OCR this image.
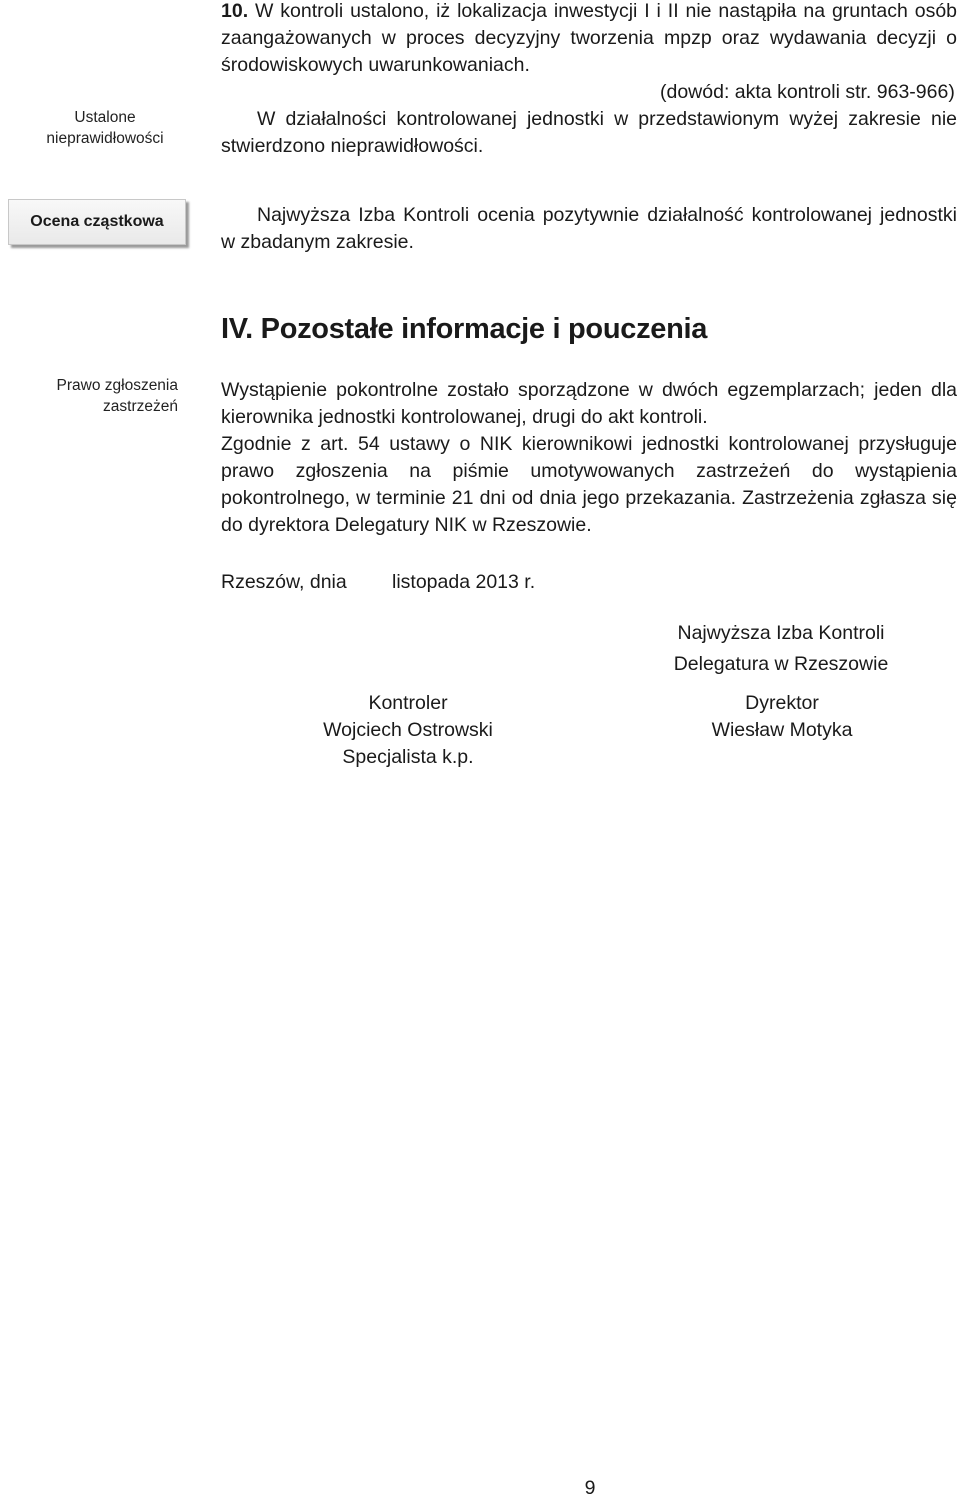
10. W kontroli ustalono, iż lokalizacja inwestycji I i II nie nastąpiła na gruntach osób zaangażowanych w proces decyzyjny tworzenia mpzp oraz wydawania decyzji o środowiskowych uwarunkowaniach.
(dowód: akta kontroli str. 963-966)
Ustalone
nieprawidłowości
W działalności kontrolowanej jednostki w przedstawionym wyżej zakresie nie stwierdzono nieprawidłowości.
Ocena cząstkowa	Najwyższa Izba Kontroli ocenia pozytywnie działalność kontrolowanej jednostki w zbadanym zakresie.
IV. Pozostałe informacje i pouczenia
Prawo zgłoszenia
zastrzeżeń
Wystąpienie pokontrolne zostało sporządzone w dwóch egzemplarzach; jeden dla kierownika jednostki kontrolowanej, drugi do akt kontroli.
Zgodnie z art. 54 ustawy o NIK kierownikowi jednostki kontrolowanej przysługuje prawo zgłoszenia na piśmie umotywowanych zastrzeżeń do wystąpienia pokontrolnego, w terminie 21 dni od dnia jego przekazania. Zastrzeżenia zgłasza się do dyrektora Delegatury NIK w Rzeszowie.
Rzeszów, dnia listopada 2013 r.
Najwyższa Izba Kontroli
Delegatura w Rzeszowie
Kontroler
Wojciech Ostrowski
Specjalista k.p.
Dyrektor
Wiesław Motyka
9
